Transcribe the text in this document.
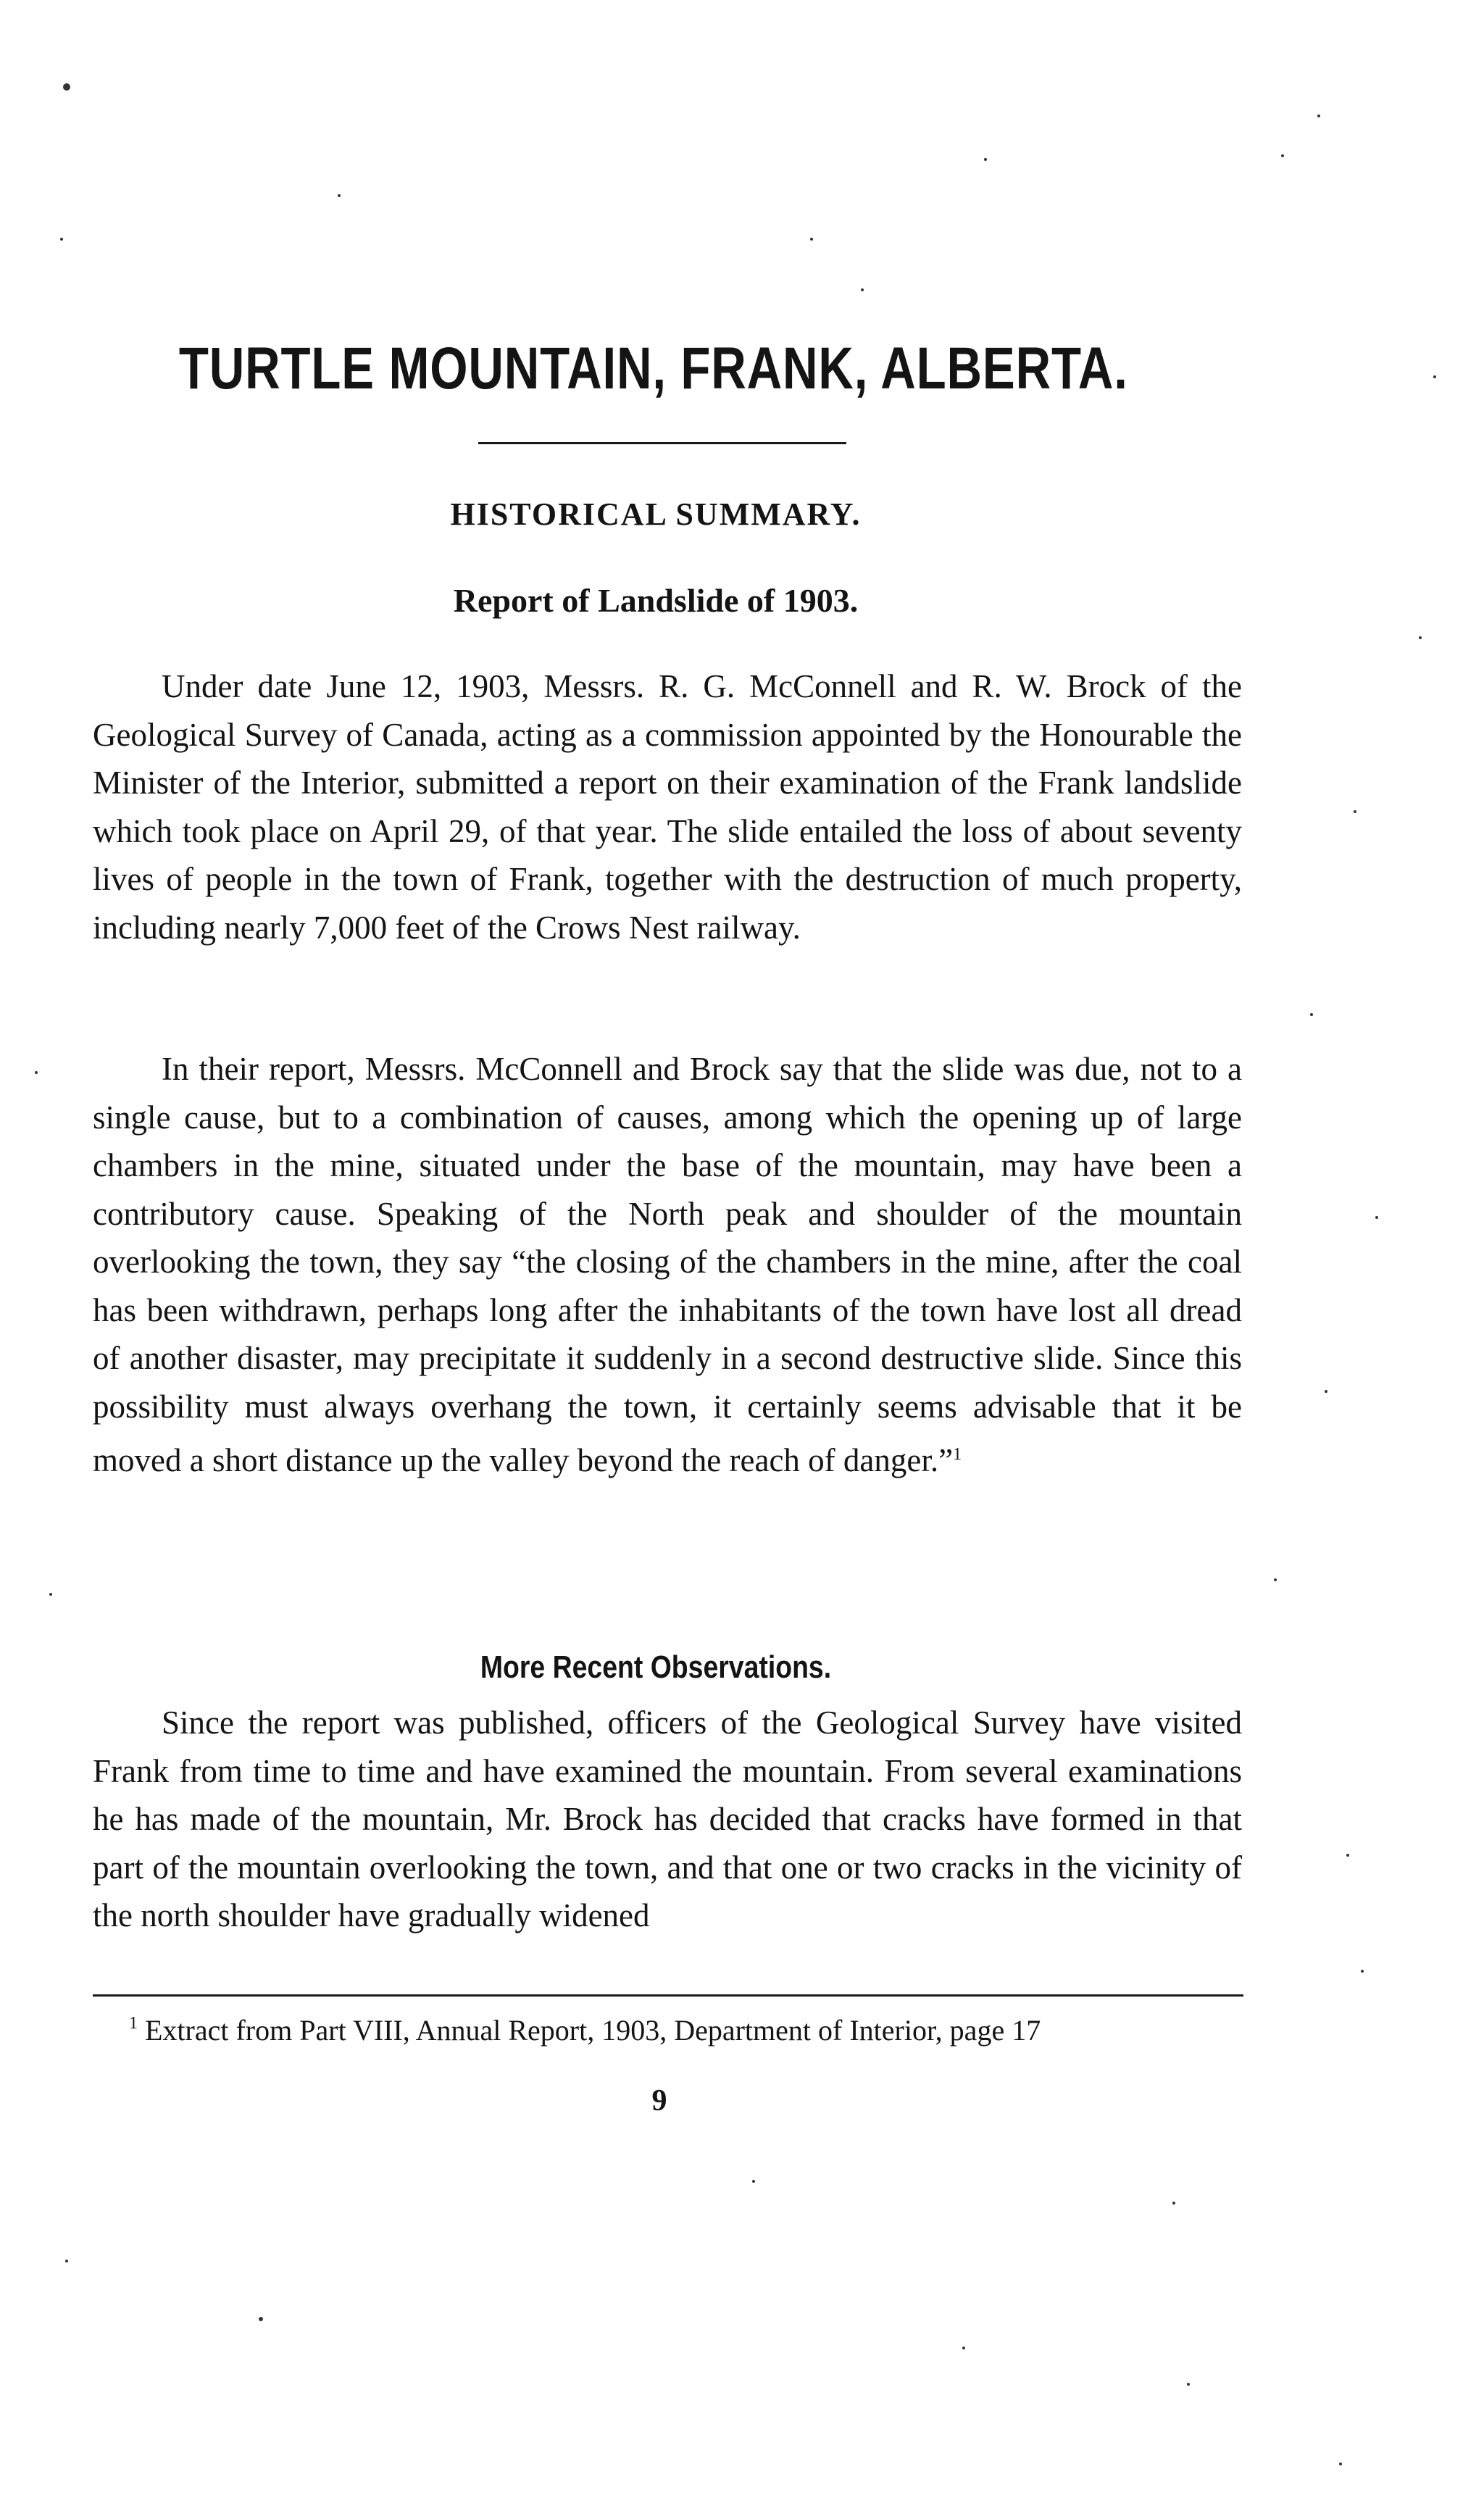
TURTLE MOUNTAIN, FRANK, ALBERTA.
HISTORICAL SUMMARY.
Report of Landslide of 1903.

Under date June 12, 1903, Messrs. R. G. McConnell and R. W. Brock of the Geological Survey of Canada, acting as a commission appointed by the Honourable the Minister of the Interior, submitted a report on their examination of the Frank landslide which took place on April 29, of that year. The slide entailed the loss of about seventy lives of people in the town of Frank, together with the destruction of much property, including nearly 7,000 feet of the Crows Nest railway.

In their report, Messrs. McConnell and Brock say that the slide was due, not to a single cause, but to a combination of causes, among which the opening up of large chambers in the mine, situated under the base of the mountain, may have been a contributory cause. Speaking of the North peak and shoulder of the mountain overlooking the town, they say “the closing of the chambers in the mine, after the coal has been withdrawn, perhaps long after the inhabitants of the town have lost all dread of another disaster, may precipitate it suddenly in a second destructive slide. Since this possibility must always overhang the town, it certainly seems advisable that it be moved a short distance up the valley beyond the reach of danger.”$^1$

More Recent Observations.

Since the report was published, officers of the Geological Survey have visited Frank from time to time and have examined the mountain. From several examinations he has made of the mountain, Mr. Brock has decided that cracks have formed in that part of the mountain overlooking the town, and that one or two cracks in the vicinity of the north shoulder have gradually widened

$^1$ Extract from Part VIII, Annual Report, 1903, Department of Interior, page 17

9
